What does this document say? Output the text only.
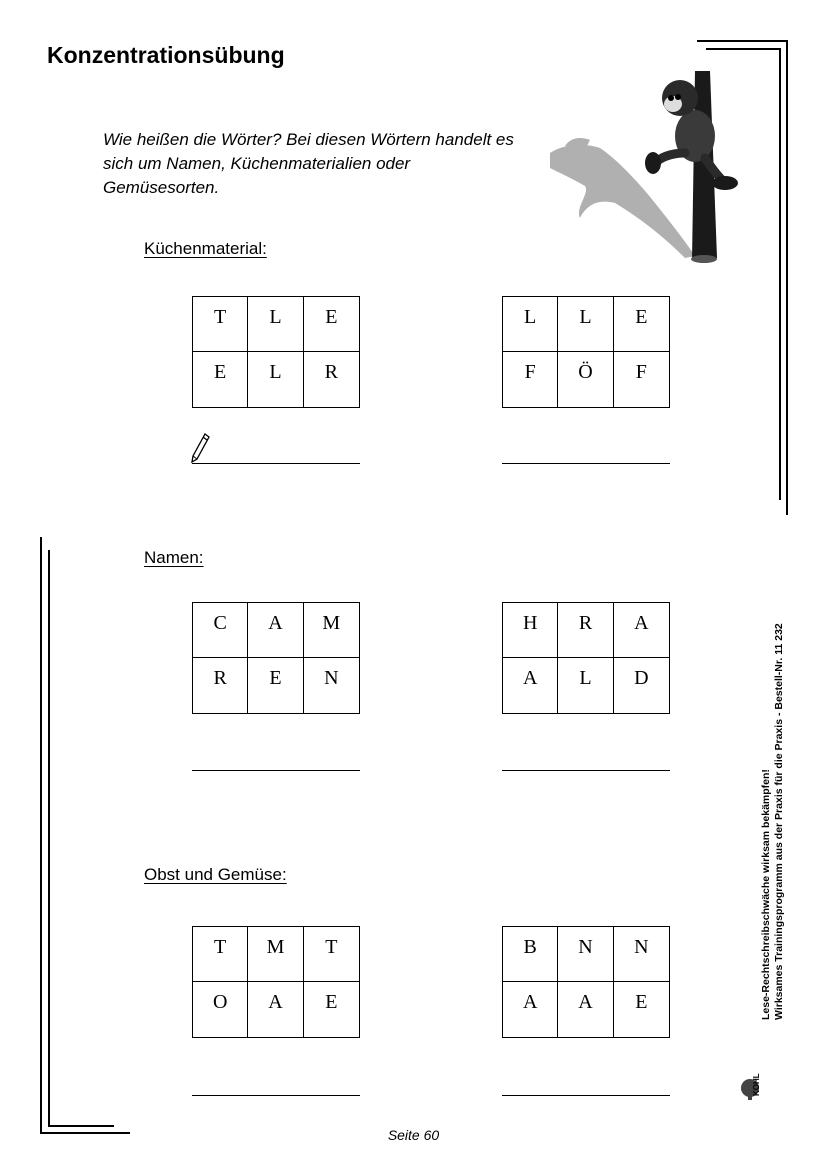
Konzentrationsübung
Wie heißen die Wörter? Bei diesen Wörtern handelt es sich um Namen, Küchenmaterialien oder Gemüsesorten.
Küchenmaterial:
T	L	E
E	L	R
L	L	E
F	Ö	F
Namen:
C	A	M
R	E	N
H	R	A
A	L	D
Obst und Gemüse:
T	M	T
O	A	E
B	N	N
A	A	E	Lese-Rechtschreibschwäche wirksam bekämpfen! Wirksames Trainingsprogramm aus der Praxis für die Praxis - Bestell-Nr. 11 232
KOHL
Seite 60
